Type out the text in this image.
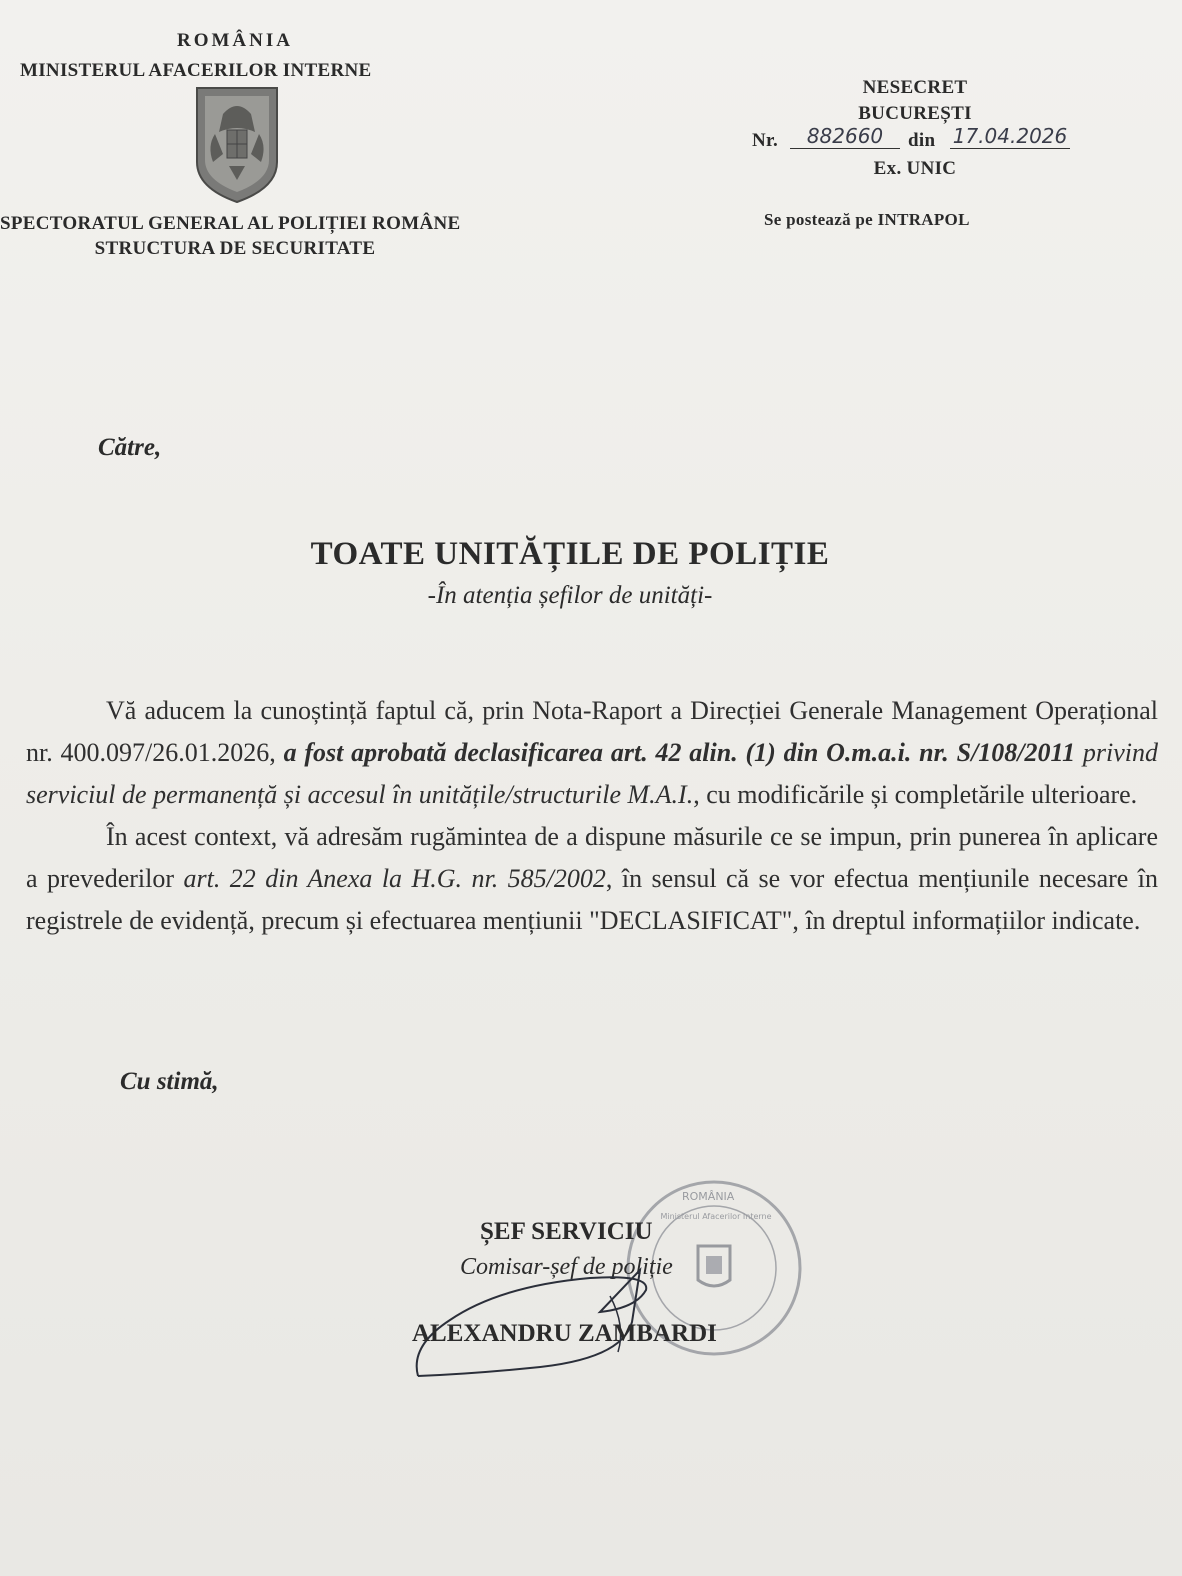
ROMÂNIA
MINISTERUL AFACERILOR INTERNE
SPECTORATUL GENERAL AL POLIȚIEI ROMÂNE
STRUCTURA DE SECURITATE
NESECRET
BUCUREȘTI
Nr.	882660	din 17.04.2026
Ex. UNIC
Se postează pe INTRAPOL
Către,
TOATE UNITĂȚILE DE POLIȚIE
-În atenția șefilor de unități-

Vă aducem la cunoștință faptul că, prin Nota-Raport a Direcției Generale Management Operațional nr. 400.097/26.01.2026, a fost aprobată declasificarea art. 42 alin. (1) din O.m.a.i. nr. S/108/2011 privind serviciul de permanență și accesul în unitățile/structurile M.A.I., cu modificările și completările ulterioare.

În acest context, vă adresăm rugămintea de a dispune măsurile ce se impun, prin punerea în aplicare a prevederilor art. 22 din Anexa la H.G. nr. 585/2002, în sensul că se vor efectua mențiunile necesare în registrele de evidență, precum și efectuarea mențiunii "DECLASIFICAT", în dreptul informațiilor indicate.

Cu stimă,
ROMÂNIA
Ministerul Afacerilor Interne
ȘEF SERVICIU
Comisar-șef de poliție
ALEXANDRU ZAMBARDI
